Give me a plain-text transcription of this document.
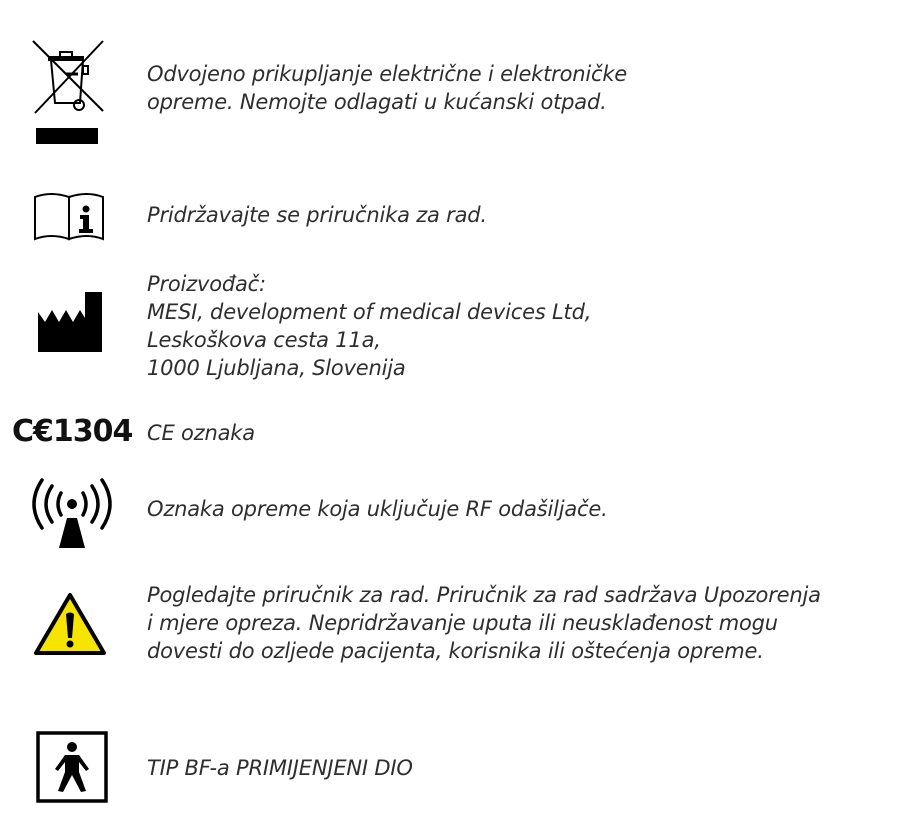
Odvojeno prikupljanje električne i elektroničke
opreme. Nemojte odlagati u kućanski otpad.
Pridržavajte se priručnika za rad.
Proizvođač:
MESI, development of medical devices Ltd,
Leskoškova cesta 11a,
1000 Ljubljana, Slovenija
C€1304 CE oznaka
Oznaka opreme koja uključuje RF odašiljače.
Pogledajte priručnik za rad. Priručnik za rad sadržava Upozorenja
i mjere opreza. Nepridržavanje uputa ili neusklađenost mogu
dovesti do ozljede pacijenta, korisnika ili oštećenja opreme.
TIP BF-a PRIMIJENJENI DIO
